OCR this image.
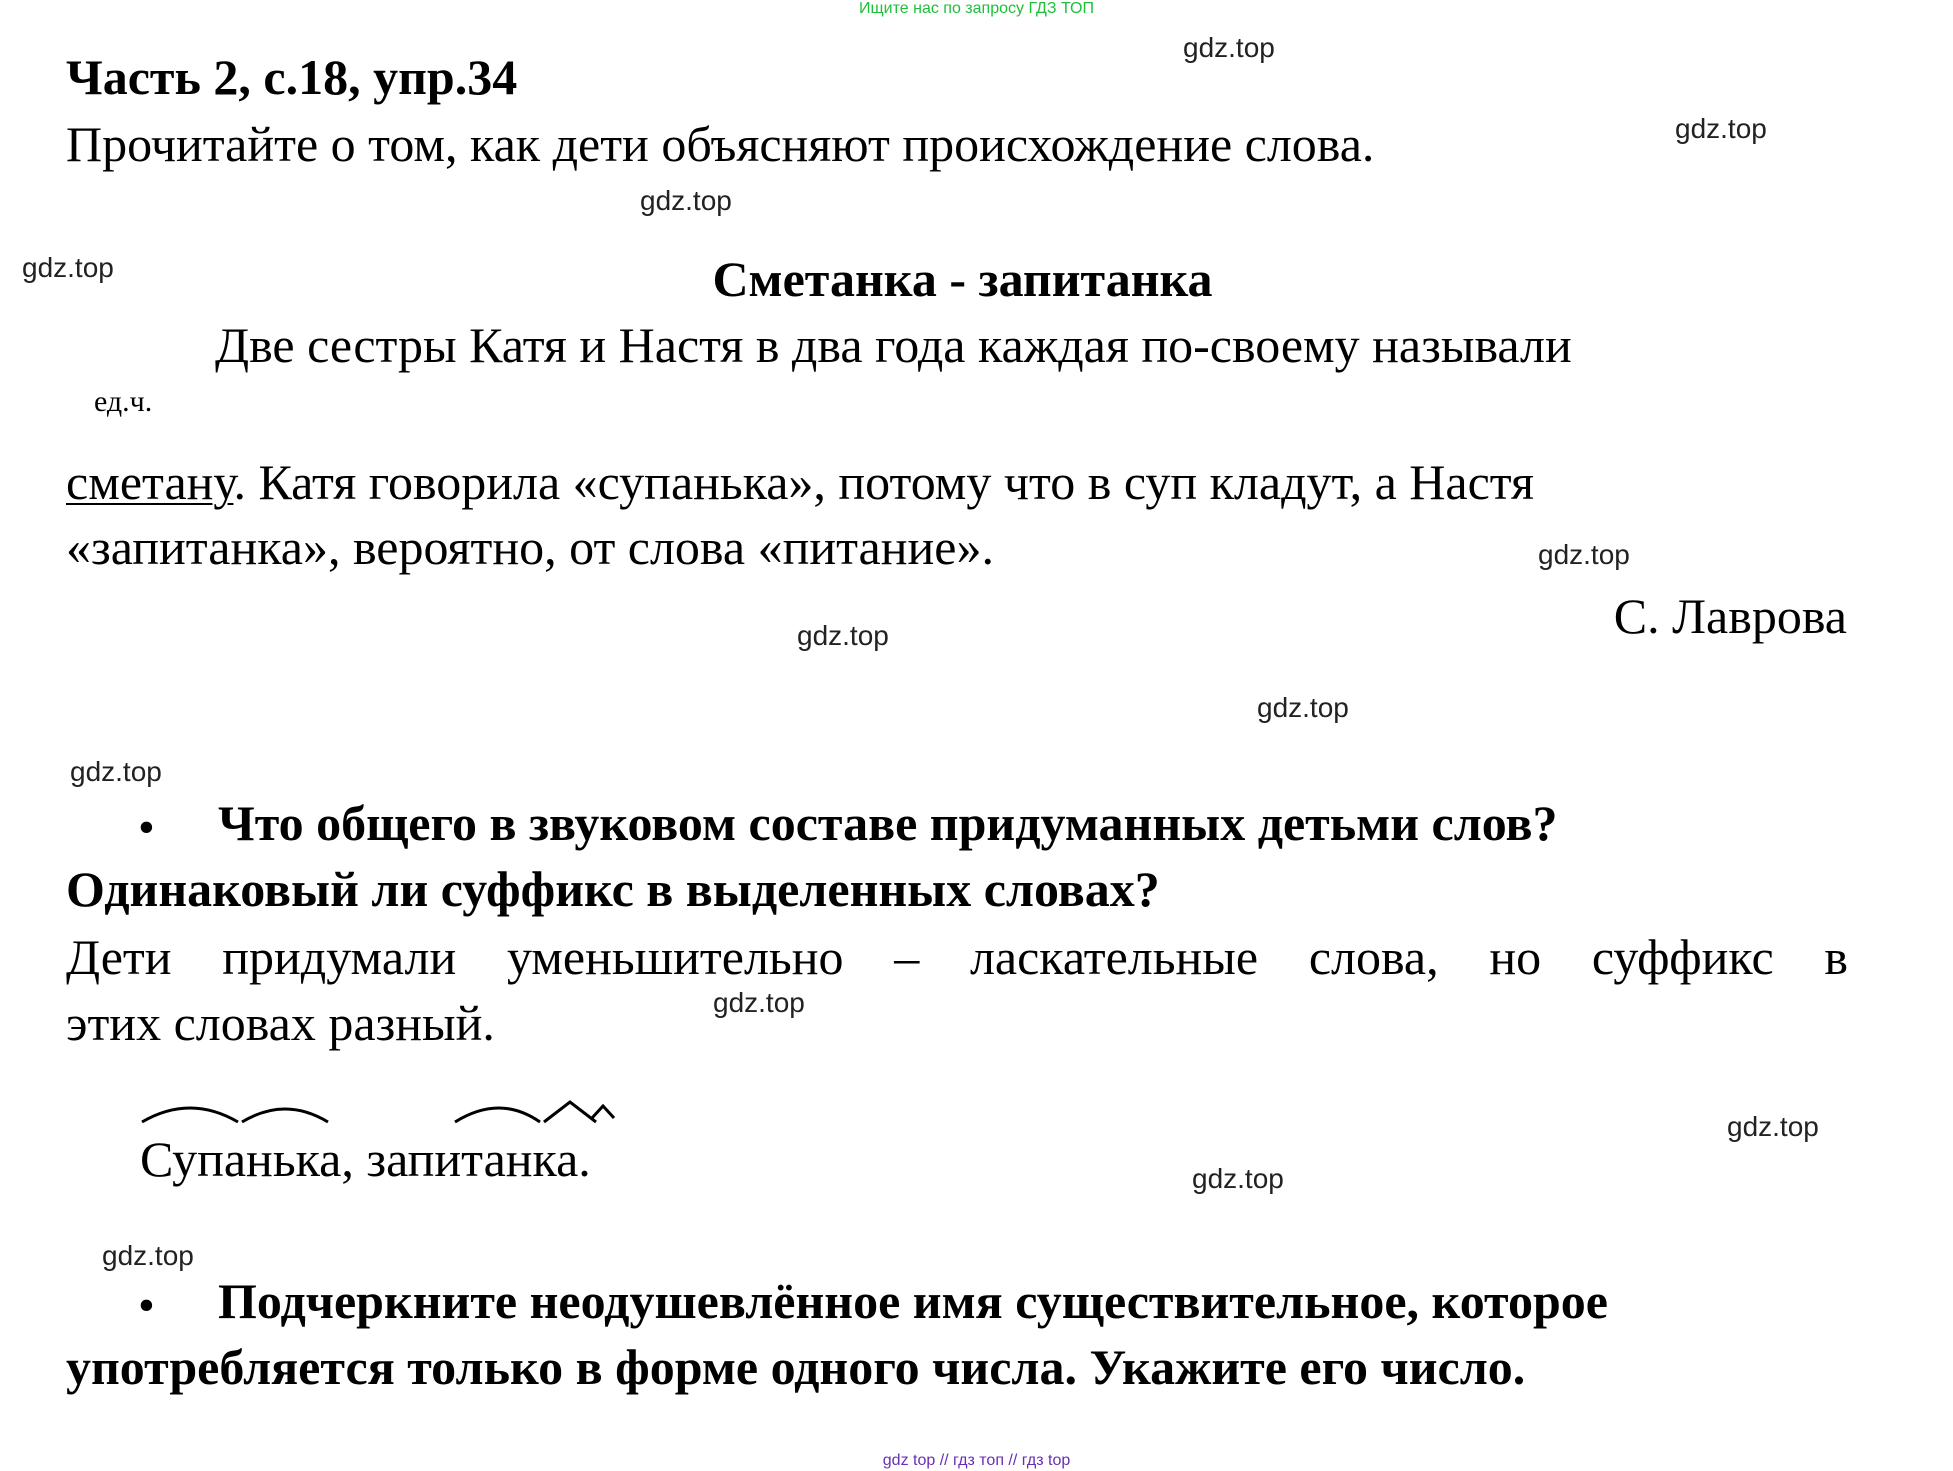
Ищите нас по запросу ГДЗ ТОП
gdz.top
gdz.top
gdz.top
gdz.top
gdz.top
gdz.top
gdz.top
gdz.top
gdz.top
gdz.top
gdz.top
gdz.top
Часть 2, с.18, упр.34
Прочитайте о том, как дети объясняют происхождение слова.
Сметанка - запитанка
Две сестры Катя и Настя в два года каждая по-своему называли
ед.ч.
сметану. Катя говорила «супанька», потому что в суп кладут, а Настя
«запитанка», вероятно, от слова «питание».
С. Лаврова
• Что общего в звуковом составе придуманных детьми слов?
Одинаковый ли суффикс в выделенных словах?
Дети придумали уменьшительно – ласкательные слова, но суффикс в
этих словах разный.
Супанька, запитанка.
• Подчеркните неодушевлённое имя существительное, которое
употребляется только в форме одного числа. Укажите его число.
gdz top // гдз топ // гдз top
